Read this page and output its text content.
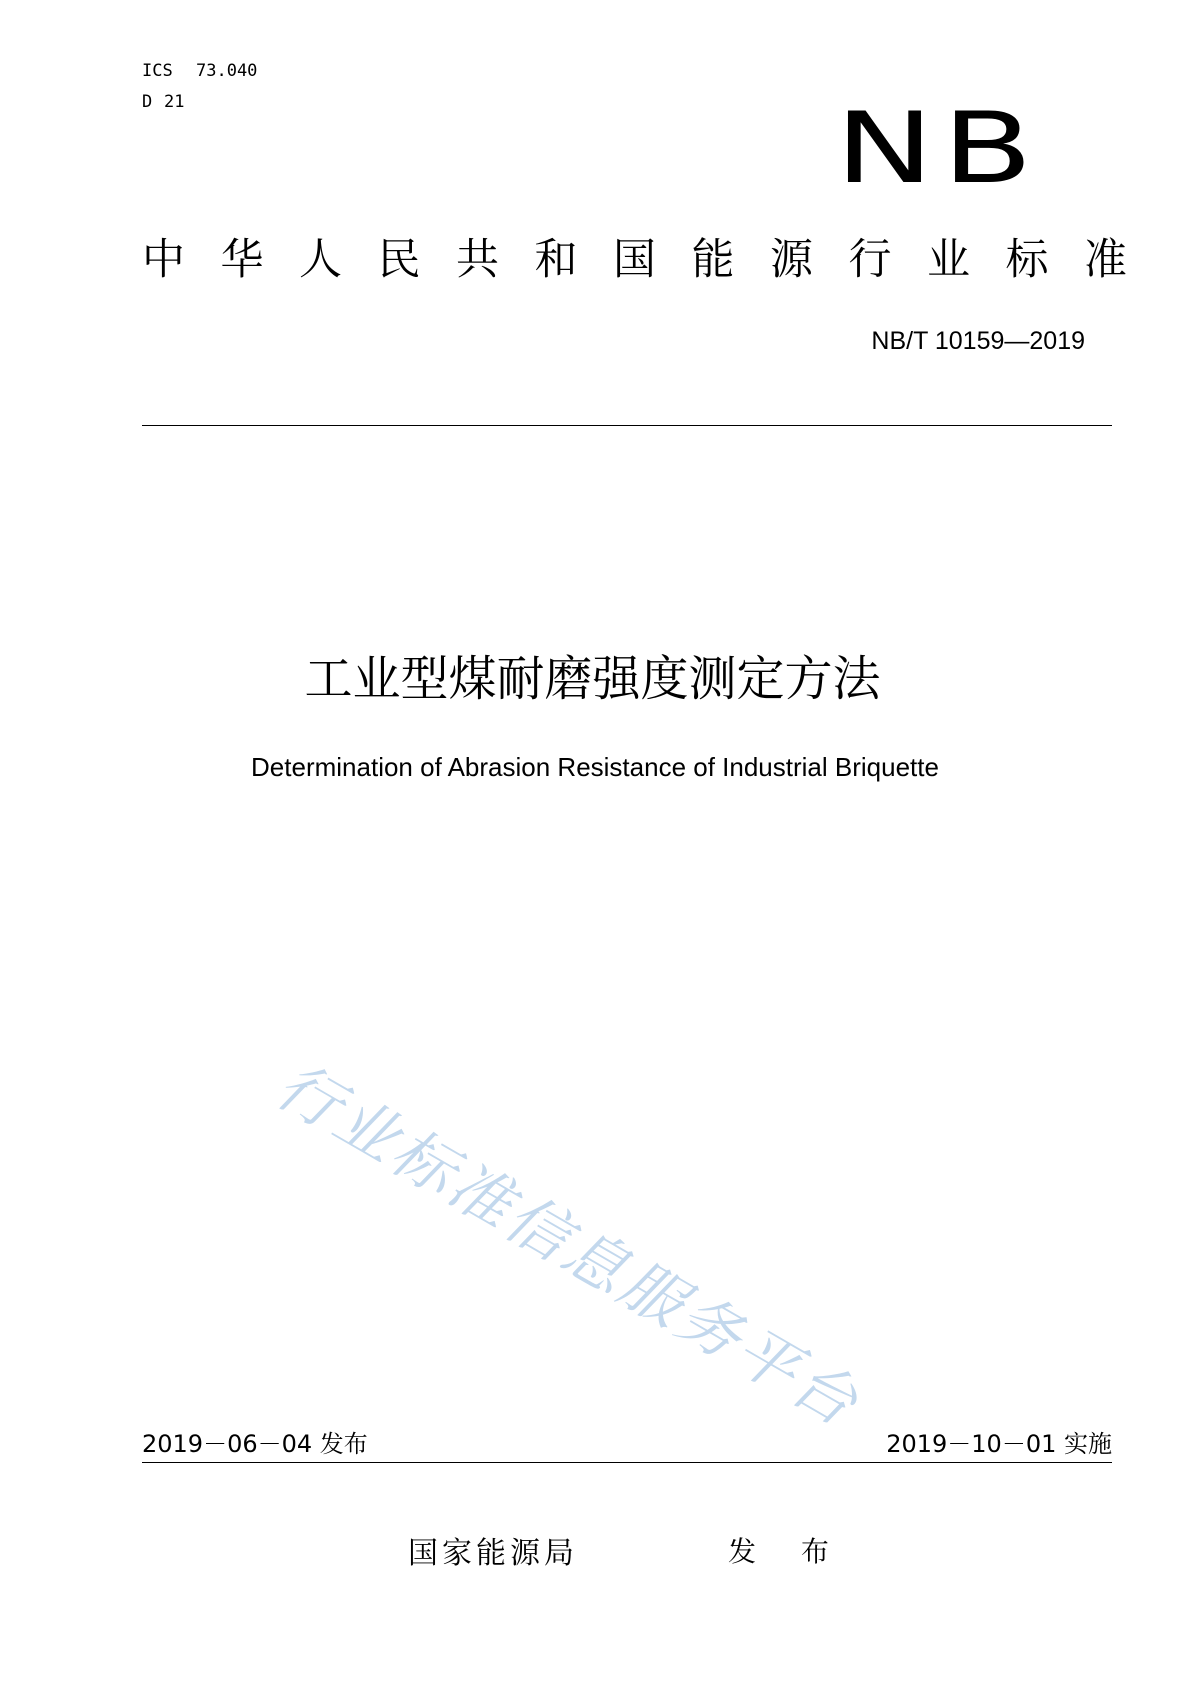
ICS 73.040
D 21	NB
中 华 人 民 共 和 国 能 源 行 业 标 准
NB/T 10159—2019
工业型煤耐磨强度测定方法
Determination of Abrasion Resistance of Industrial Briquette
行业标准信息服务平台
2019－06－04 发布	2019－10－01 实施
国家能源局	发 布
